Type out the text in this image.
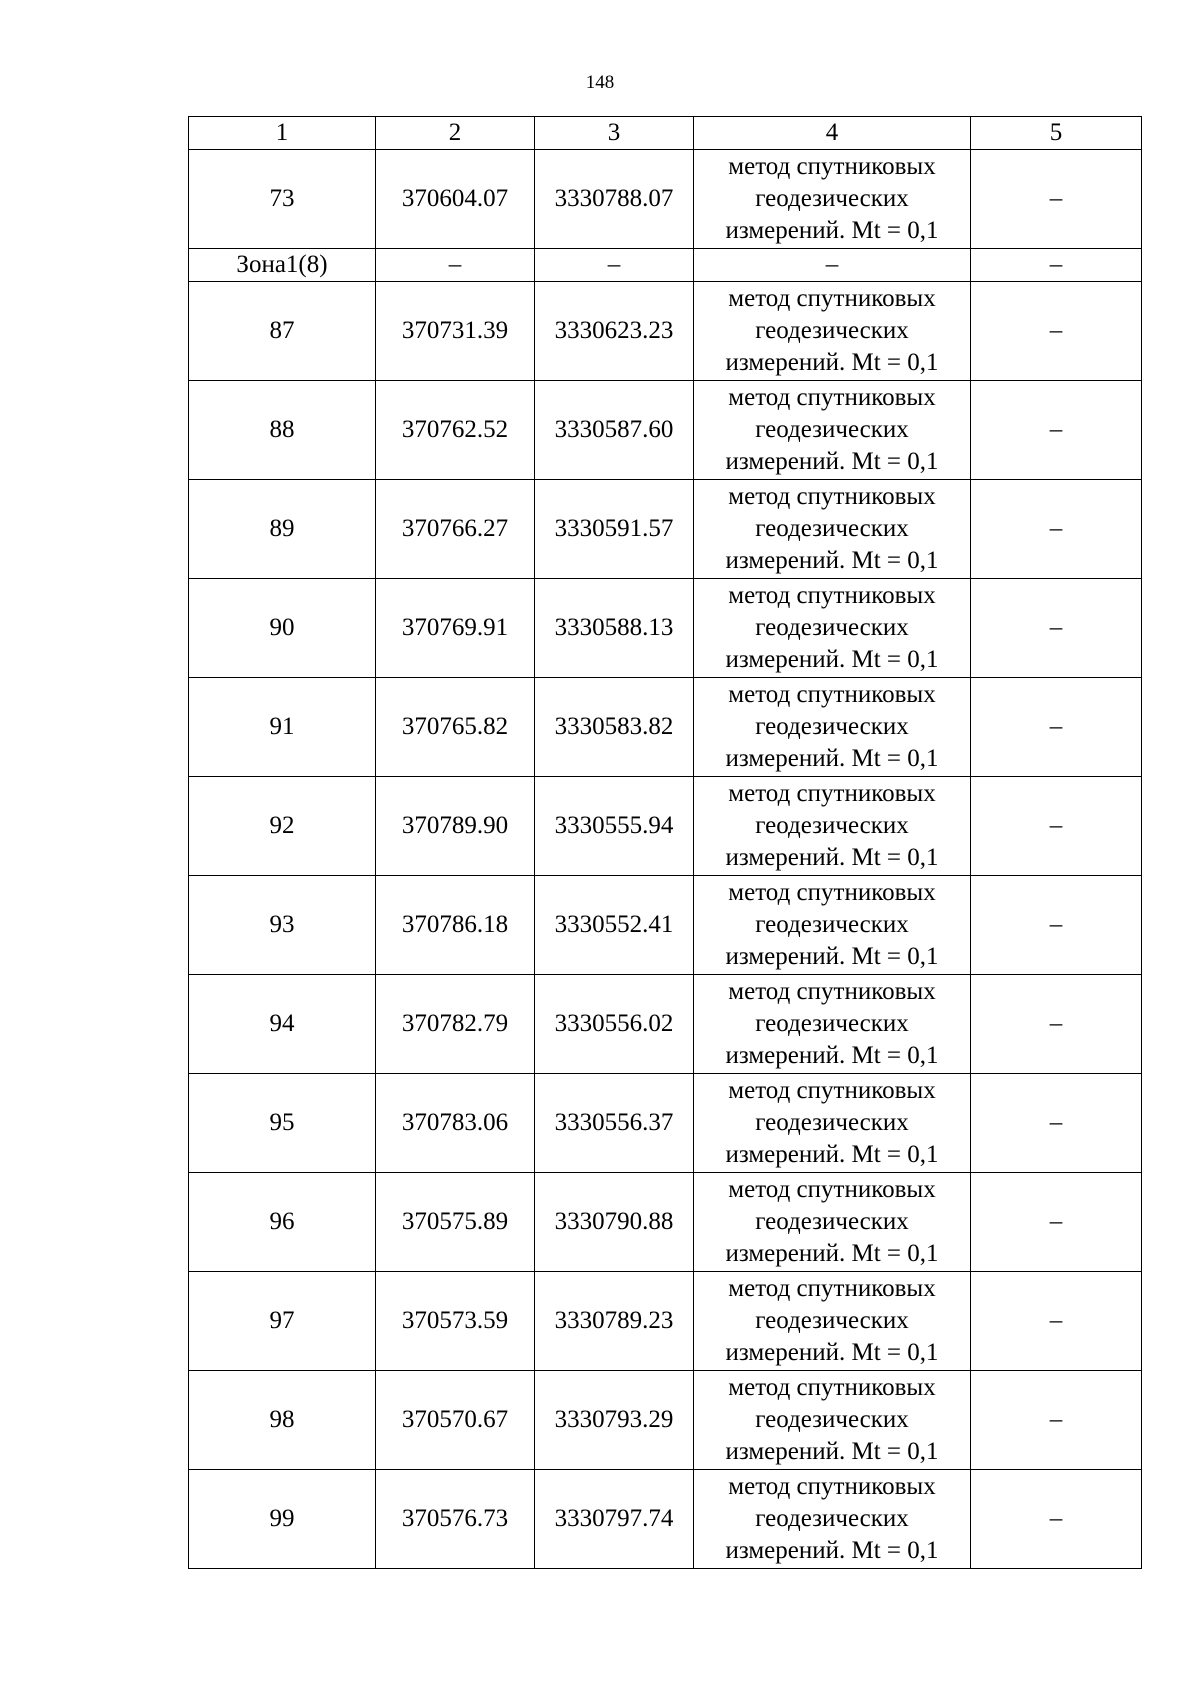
148
1	2	3	4	5
73	370604.07	3330788.07	метод спутниковых геодезических измерений. Mt = 0,1	–
Зона1(8)	–	–	–	–
87	370731.39	3330623.23	метод спутниковых геодезических измерений. Mt = 0,1	–
88	370762.52	3330587.60	метод спутниковых геодезических измерений. Mt = 0,1	–
89	370766.27	3330591.57	метод спутниковых геодезических измерений. Mt = 0,1	–
90	370769.91	3330588.13	метод спутниковых геодезических измерений. Mt = 0,1	–
91	370765.82	3330583.82	метод спутниковых геодезических измерений. Mt = 0,1	–
92	370789.90	3330555.94	метод спутниковых геодезических измерений. Mt = 0,1	–
93	370786.18	3330552.41	метод спутниковых геодезических измерений. Mt = 0,1	–
94	370782.79	3330556.02	метод спутниковых геодезических измерений. Mt = 0,1	–
95	370783.06	3330556.37	метод спутниковых геодезических измерений. Mt = 0,1	–
96	370575.89	3330790.88	метод спутниковых геодезических измерений. Mt = 0,1	–
97	370573.59	3330789.23	метод спутниковых геодезических измерений. Mt = 0,1	–
98	370570.67	3330793.29	метод спутниковых геодезических измерений. Mt = 0,1	–
99	370576.73	3330797.74	метод спутниковых геодезических измерений. Mt = 0,1	–
